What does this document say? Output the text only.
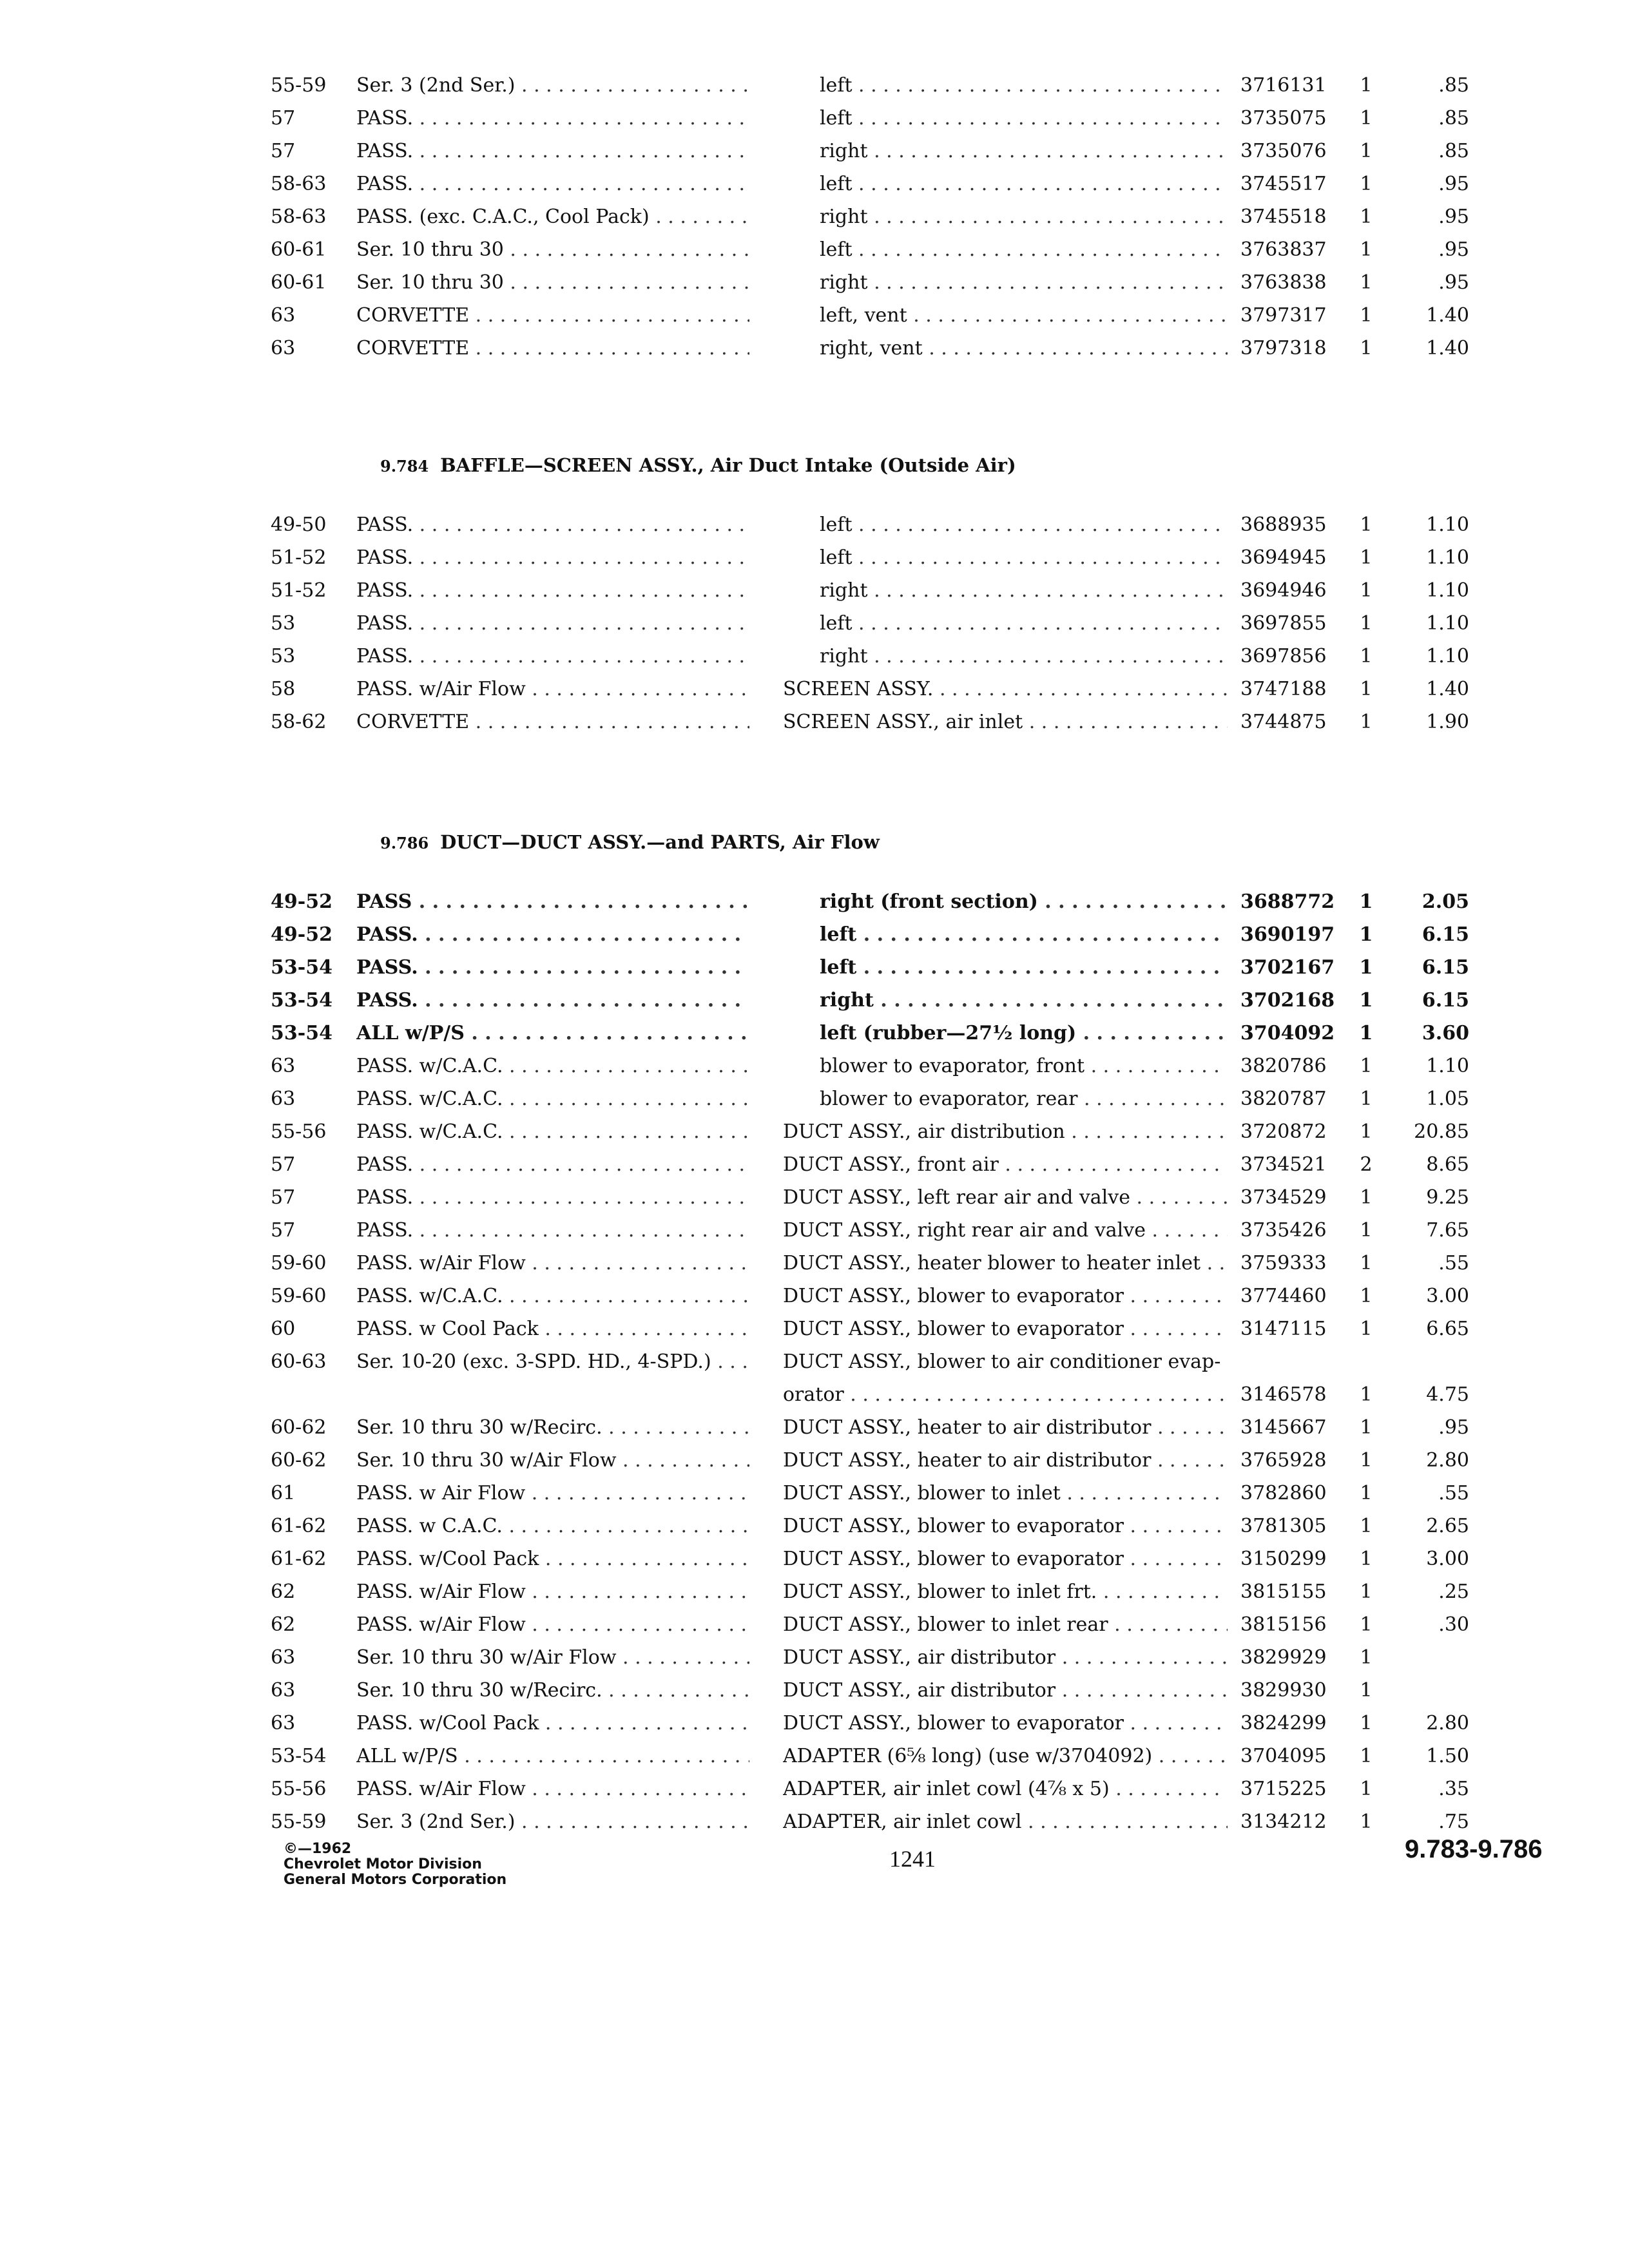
55-59	Ser. 3 (2nd Ser.) . . .	left . . .	3716131	1	.85
57	PASS. . . .	left . . .	3735075	1	.85
57	PASS. . . .	right . . .	3735076	1	.85
58-63	PASS. . . .	left . . .	3745517	1	.95
58-63	PASS. (exc. C.A.C., Cool Pack) . . .	right . . .	3745518	1	.95
60-61	Ser. 10 thru 30 . . .	left . . .	3763837	1	.95
60-61	Ser. 10 thru 30 . . .	right . . .	3763838	1	.95
63	CORVETTE . . .	left, vent . . .	3797317	1	1.40
63	CORVETTE . . .	right, vent . . .	3797318	1	1.40
9.784 BAFFLE—SCREEN ASSY., Air Duct Intake (Outside Air)
49-50	PASS. . . .	left . . .	3688935	1	1.10
51-52	PASS. . . .	left . . .	3694945	1	1.10
51-52	PASS. . . .	right . . .	3694946	1	1.10
53	PASS. . . .	left . . .	3697855	1	1.10
53	PASS. . . .	right . . .	3697856	1	1.10
58	PASS. w/Air Flow . . .	SCREEN ASSY. . . .	3747188	1	1.40
58-62	CORVETTE . . .	SCREEN ASSY., air inlet . . .	3744875	1	1.90
9.786 DUCT—DUCT ASSY.—and PARTS, Air Flow
49-52	PASS . . .	right (front section) . . .	3688772	1	2.05
49-52	PASS. . . .	left . . .	3690197	1	6.15
53-54	PASS. . . .	left . . .	3702167	1	6.15
53-54	PASS. . . .	right . . .	3702168	1	6.15
53-54	ALL w/P/S . . .	left (rubber—27½ long) . . .	3704092	1	3.60
63	PASS. w/C.A.C. . . .	blower to evaporator, front . . .	3820786	1	1.10
63	PASS. w/C.A.C. . . .	blower to evaporator, rear . . .	3820787	1	1.05
55-56	PASS. w/C.A.C. . . .	DUCT ASSY., air distribution . . .	3720872	1	20.85
57	PASS. . . .	DUCT ASSY., front air . . .	3734521	2	8.65
57	PASS. . . .	DUCT ASSY., left rear air and valve . . .	3734529	1	9.25
57	PASS. . . .	DUCT ASSY., right rear air and valve . . .	3735426	1	7.65
59-60	PASS. w/Air Flow . . .	DUCT ASSY., heater blower to heater inlet . . .	3759333	1	.55
59-60	PASS. w/C.A.C. . . .	DUCT ASSY., blower to evaporator . . .	3774460	1	3.00
60	PASS. w Cool Pack . . .	DUCT ASSY., blower to evaporator . . .	3147115	1	6.65
60-63	Ser. 10-20 (exc. 3-SPD. HD., 4-SPD.) . . .	DUCT ASSY., blower to air conditioner evap-
orator . . .	3146578	1	4.75
60-62	Ser. 10 thru 30 w/Recirc. . . .	DUCT ASSY., heater to air distributor . . .	3145667	1	.95
60-62	Ser. 10 thru 30 w/Air Flow . . .	DUCT ASSY., heater to air distributor . . .	3765928	1	2.80
61	PASS. w Air Flow . . .	DUCT ASSY., blower to inlet . . .	3782860	1	.55
61-62	PASS. w C.A.C. . . .	DUCT ASSY., blower to evaporator . . .	3781305	1	2.65
61-62	PASS. w/Cool Pack . . .	DUCT ASSY., blower to evaporator . . .	3150299	1	3.00
62	PASS. w/Air Flow . . .	DUCT ASSY., blower to inlet frt. . . .	3815155	1	.25
62	PASS. w/Air Flow . . .	DUCT ASSY., blower to inlet rear . . .	3815156	1	.30
63	Ser. 10 thru 30 w/Air Flow . . .	DUCT ASSY., air distributor . . .	3829929	1
63	Ser. 10 thru 30 w/Recirc. . . .	DUCT ASSY., air distributor . . .	3829930	1
63	PASS. w/Cool Pack . . .	DUCT ASSY., blower to evaporator . . .	3824299	1	2.80
53-54	ALL w/P/S . . .	ADAPTER (6⅝ long) (use w/3704092) . . .	3704095	1	1.50
55-56	PASS. w/Air Flow . . .	ADAPTER, air inlet cowl (4⅞ x 5) . . .	3715225	1	.35
55-59	Ser. 3 (2nd Ser.) . . .	ADAPTER, air inlet cowl . . .	3134212	1	.75
©—1962
Chevrolet Motor Division
General Motors Corporation
1241	9.783-9.786
